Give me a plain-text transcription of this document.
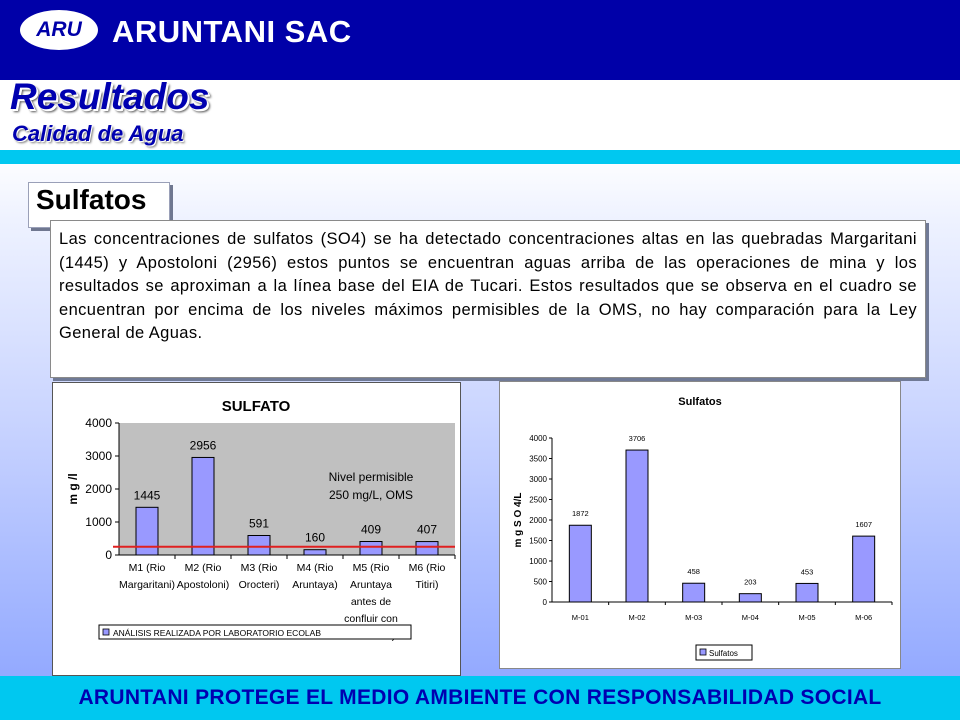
ARU ARUNTANI SAC
Resultados
Calidad de Agua
Sulfatos

Las concentraciones de sulfatos (SO4) se ha detectado concentraciones altas en las quebradas Margaritani (1445) y Apostoloni (2956) estos puntos se encuentran aguas arriba de las operaciones de mina y los resultados se aproximan a la línea base del EIA de Tucari. Estos resultados que se observa en el cuadro se encuentran por encima de los niveles máximos permisibles de la OMS, no hay comparación para la Ley General de Aguas.

SULFATO
m g /l
0
1000
2000
3000
4000
1445
M1 (Rio
Margaritani)
2956
M2 (Rio
Apostoloni)
591
M3 (Rio
Orocteri)
160
M4 (Rio
Aruntaya)
409
M5 (Rio
Aruntaya
antes de
confluir con
407
M6 (Rio
Titiri)
Nivel permisible
250 mg/L, OMS
ANÁLISIS REALIZADA POR LABORATORIO ECOLAB
Sulfatos
m g S O 4/L
0
500
1000
1500
2000
2500
3000
3500
4000
1872
M-01
3706
M-02
458
M-03
203
M-04
453
M-05
1607
M-06
Sulfatos
ARUNTANI PROTEGE EL MEDIO AMBIENTE CON RESPONSABILIDAD SOCIAL
